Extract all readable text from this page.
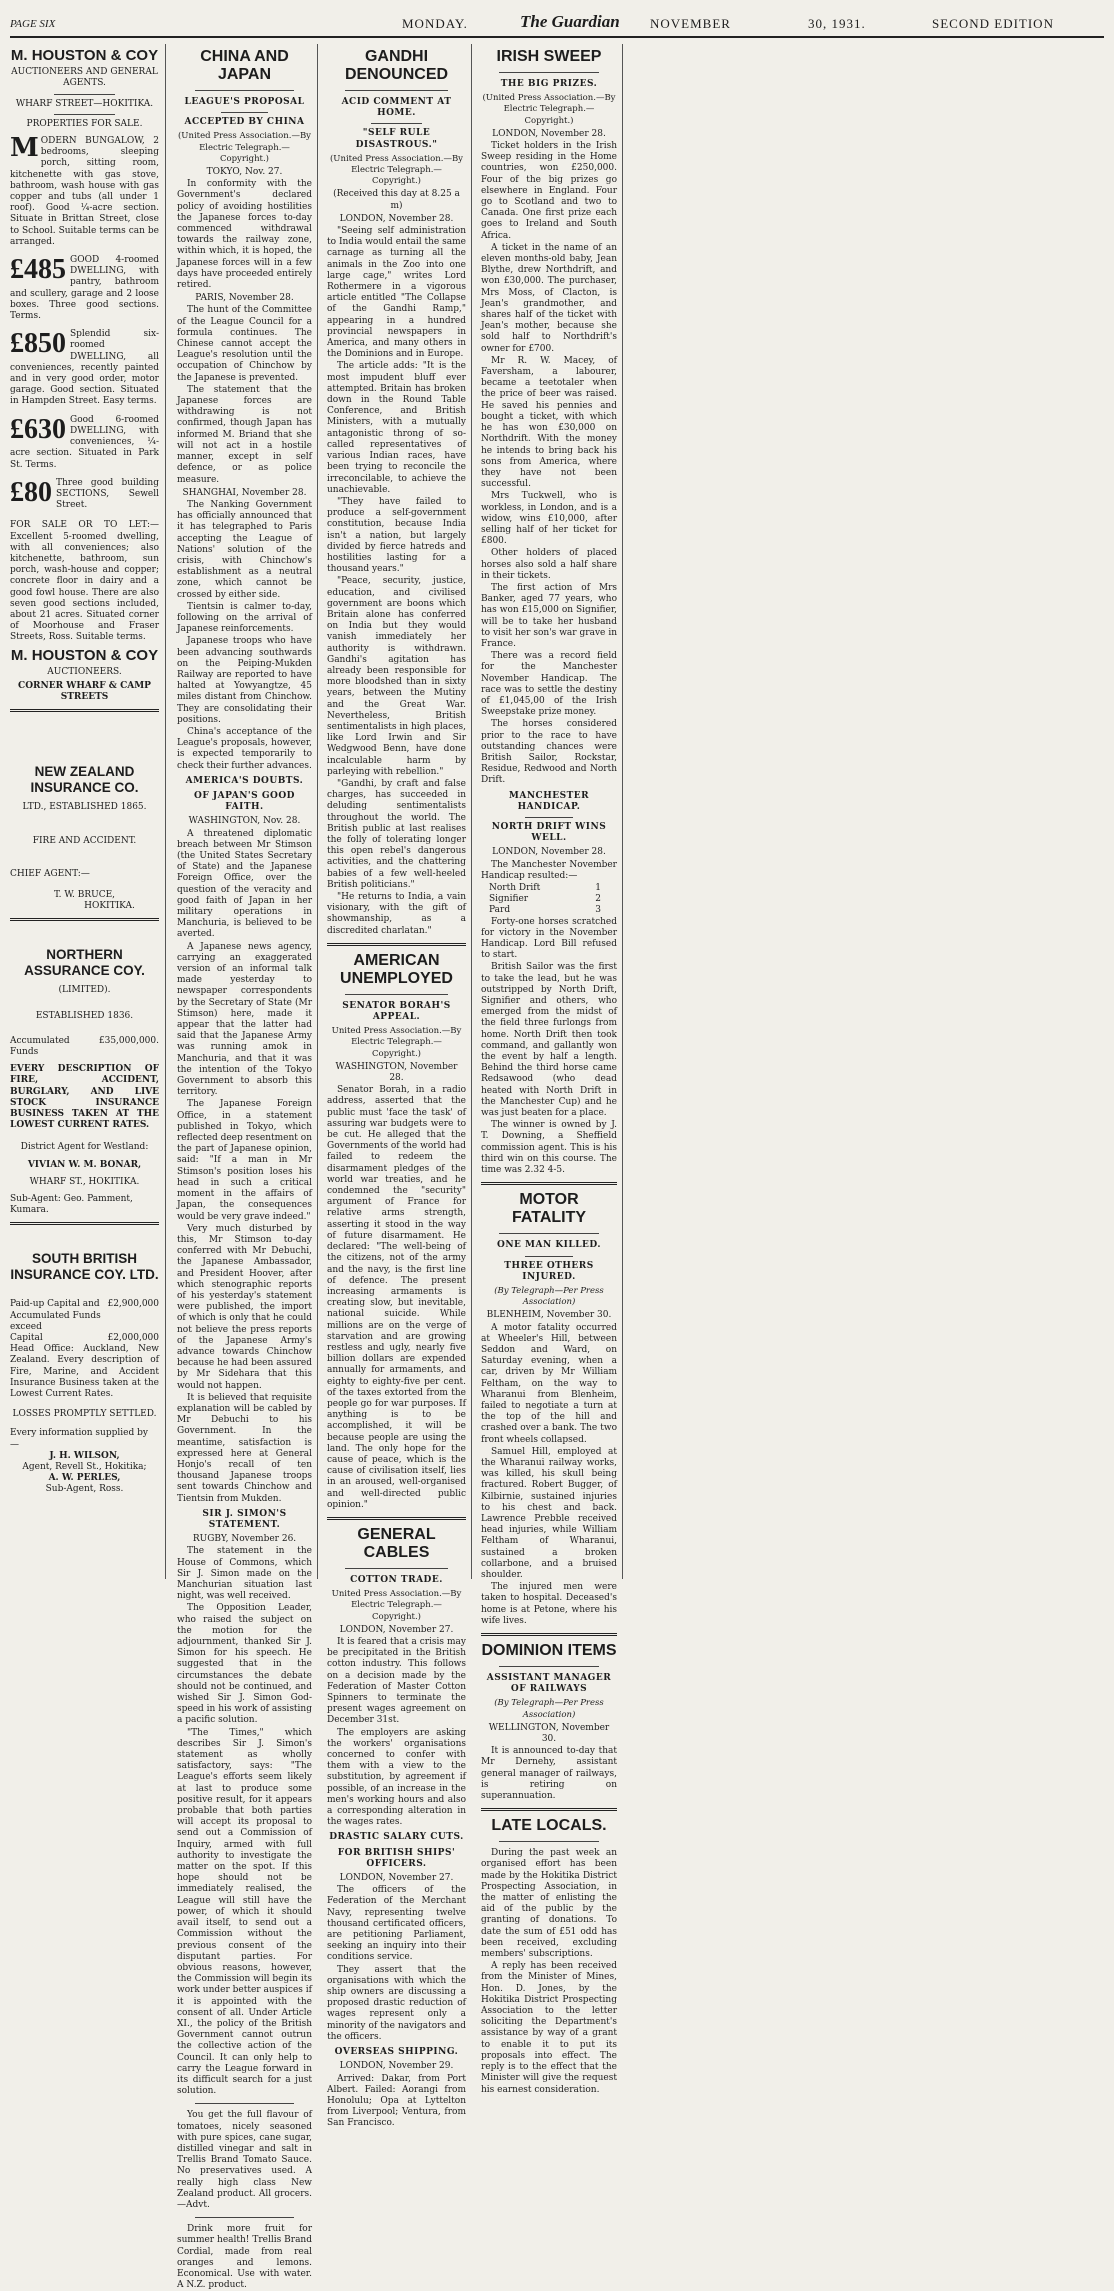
PAGE SIX	MONDAY.	The Guardian NOVEMBER	30, 1931.	SECOND EDITION
M. HOUSTON & COY
AUCTIONEERS AND GENERAL AGENTS.
WHARF STREET—HOKITIKA.
PROPERTIES FOR SALE.

MODERN BUNGALOW, 2 bedrooms, sleeping porch, sitting room, kitchenette with gas stove, bathroom, wash house with gas copper and tubs (all under 1 roof). Good ¼-acre section. Situate in Brittan Street, close to School. Suitable terms can be arranged.

£485 GOOD 4-roomed DWELLING, with pantry, bathroom and scullery, garage and 2 loose boxes. Three good sections. Terms.

£850 Splendid six-roomed DWELLING, all conveniences, recently painted and in very good order, motor garage. Good section. Situated in Hampden Street. Easy terms.

£630 Good 6-roomed DWELLING, with conveniences, ¼-acre section. Situated in Park St. Terms.

£80 Three good building SECTIONS, Sewell Street.

FOR SALE OR TO LET:—Excellent 5-roomed dwelling, with all conveniences; also kitchenette, bathroom, sun porch, wash-house and copper; concrete floor in dairy and a good fowl house. There are also seven good sections included, about 21 acres. Situated corner of Moorhouse and Fraser Streets, Ross. Suitable terms.

M. HOUSTON & COY
AUCTIONEERS.
CORNER WHARF & CAMP STREETS
NEW ZEALAND INSURANCE CO.
LTD., ESTABLISHED 1865.
FIRE AND ACCIDENT.
CHIEF AGENT:—
T. W. BRUCE,
HOKITIKA.
NORTHERN ASSURANCE COY.
(LIMITED).
ESTABLISHED 1836.
Accumulated Funds
£35,000,000.

EVERY DESCRIPTION OF FIRE, ACCIDENT, BURGLARY, AND LIVE STOCK INSURANCE BUSINESS TAKEN AT THE LOWEST CURRENT RATES.

District Agent for Westland:
VIVIAN W. M. BONAR,
WHARF ST., HOKITIKA.
Sub-Agent: Geo. Pamment, Kumara.
SOUTH BRITISH INSURANCE COY. LTD.
Paid-up Capital and Accumulated Funds exceed
£2,900,000
Capital	£2,000,000

Head Office: Auckland, New Zealand. Every description of Fire, Marine, and Accident Insurance Business taken at the Lowest Current Rates.

LOSSES PROMPTLY SETTLED.
Every information supplied by —
J. H. WILSON,
Agent, Revell St., Hokitika;
A. W. PERLES,
Sub-Agent, Ross.
CHINA AND JAPAN
LEAGUE'S PROPOSAL
ACCEPTED BY CHINA
(United Press Association.—By Electric Telegraph.—Copyright.)
TOKYO, Nov. 27.

In conformity with the Government's declared policy of avoiding hostilities the Japanese forces to-day commenced withdrawal towards the railway zone, within which, it is hoped, the Japanese forces will in a few days have proceeded entirely retired.

PARIS, November 28.

The hunt of the Committee of the League Council for a formula continues. The Chinese cannot accept the League's resolution until the occupation of Chinchow by the Japanese is prevented.

The statement that the Japanese forces are withdrawing is not confirmed, though Japan has informed M. Briand that she will not act in a hostile manner, except in self defence, or as police measure.

SHANGHAI, November 28.

The Nanking Government has officially announced that it has telegraphed to Paris accepting the League of Nations' solution of the crisis, with Chinchow's establishment as a neutral zone, which cannot be crossed by either side.

Tientsin is calmer to-day, following on the arrival of Japanese reinforcements.

Japanese troops who have been advancing southwards on the Peiping-Mukden Railway are reported to have halted at Yowyangtze, 45 miles distant from Chinchow. They are consolidating their positions.

China's acceptance of the League's proposals, however, is expected temporarily to check their further advances.

AMERICA'S DOUBTS.
OF JAPAN'S GOOD FAITH.
WASHINGTON, Nov. 28.

A threatened diplomatic breach between Mr Stimson (the United States Secretary of State) and the Japanese Foreign Office, over the question of the veracity and good faith of Japan in her military operations in Manchuria, is believed to be averted.

A Japanese news agency, carrying an exaggerated version of an informal talk made yesterday to newspaper correspondents by the Secretary of State (Mr Stimson) here, made it appear that the latter had said that the Japanese Army was running amok in Manchuria, and that it was the intention of the Tokyo Government to absorb this territory.

The Japanese Foreign Office, in a statement published in Tokyo, which reflected deep resentment on the part of Japanese opinion, said: "If a man in Mr Stimson's position loses his head in such a critical moment in the affairs of Japan, the consequences would be very grave indeed."

Very much disturbed by this, Mr Stimson to-day conferred with Mr Debuchi, the Japanese Ambassador, and President Hoover, after which stenographic reports of his yesterday's statement were published, the import of which is only that he could not believe the press reports of the Japanese Army's advance towards Chinchow because he had been assured by Mr Sidehara that this would not happen.

It is believed that requisite explanation will be cabled by Mr Debuchi to his Government. In the meantime, satisfaction is expressed here at General Honjo's recall of ten thousand Japanese troops sent towards Chinchow and Tientsin from Mukden.

SIR J. SIMON'S STATEMENT.
RUGBY, November 26.

The statement in the House of Commons, which Sir J. Simon made on the Manchurian situation last night, was well received.

The Opposition Leader, who raised the subject on the motion for the adjournment, thanked Sir J. Simon for his speech. He suggested that in the circumstances the debate should not be continued, and wished Sir J. Simon God-speed in his work of assisting a pacific solution.

"The Times," which describes Sir J. Simon's statement as wholly satisfactory, says: "The League's efforts seem likely at last to produce some positive result, for it appears probable that both parties will accept its proposal to send out a Commission of Inquiry, armed with full authority to investigate the matter on the spot. If this hope should not be immediately realised, the League will still have the power, of which it should avail itself, to send out a Commission without the previous consent of the disputant parties. For obvious reasons, however, the Commission will begin its work under better auspices if it is appointed with the consent of all. Under Article XI., the policy of the British Government cannot outrun the collective action of the Council. It can only help to carry the League forward in its difficult search for a just solution.

You get the full flavour of tomatoes, nicely seasoned with pure spices, cane sugar, distilled vinegar and salt in Trellis Brand Tomato Sauce. No preservatives used. A really high class New Zealand product. All grocers.—Advt.

Drink more fruit for summer health! Trellis Brand Cordial, made from real oranges and lemons. Economical. Use with water. A N.Z. product.

GANDHI DENOUNCED
ACID COMMENT AT HOME.
"SELF RULE DISASTROUS."
(United Press Association.—By Electric Telegraph.—Copyright.)
(Received this day at 8.25 a m)
LONDON, November 28.

"Seeing self administration to India would entail the same carnage as turning all the animals in the Zoo into one large cage," writes Lord Rothermere in a vigorous article entitled "The Collapse of the Gandhi Ramp," appearing in a hundred provincial newspapers in America, and many others in the Dominions and in Europe.

The article adds: "It is the most impudent bluff ever attempted. Britain has broken down in the Round Table Conference, and British Ministers, with a mutually antagonistic throng of so-called representatives of various Indian races, have been trying to reconcile the irreconcilable, to achieve the unachievable.

"They have failed to produce a self-government constitution, because India isn't a nation, but largely divided by fierce hatreds and hostilities lasting for a thousand years."

"Peace, security, justice, education, and civilised government are boons which Britain alone has conferred on India but they would vanish immediately her authority is withdrawn. Gandhi's agitation has already been responsible for more bloodshed than in sixty years, between the Mutiny and the Great War. Nevertheless, British sentimentalists in high places, like Lord Irwin and Sir Wedgwood Benn, have done incalculable harm by parleying with rebellion."

"Gandhi, by craft and false charges, has succeeded in deluding sentimentalists throughout the world. The British public at last realises the folly of tolerating longer this open rebel's dangerous activities, and the chattering babies of a few well-heeled British politicians."

"He returns to India, a vain visionary, with the gift of showmanship, as a discredited charlatan."

AMERICAN UNEMPLOYED
SENATOR BORAH'S APPEAL.
United Press Association.—By Electric Telegraph.—Copyright.)
WASHINGTON, November 28.

Senator Borah, in a radio address, asserted that the public must 'face the task' of assuring war budgets were to be cut. He alleged that the Governments of the world had failed to redeem the disarmament pledges of the world war treaties, and he condemned the "security" argument of France for relative arms strength, asserting it stood in the way of future disarmament. He declared: "The well-being of the citizens, not of the army and the navy, is the first line of defence. The present increasing armaments is creating slow, but inevitable, national suicide. While millions are on the verge of starvation and are growing restless and ugly, nearly five billion dollars are expended annually for armaments, and eighty to eighty-five per cent. of the taxes extorted from the people go for war purposes. If anything is to be accomplished, it will be because people are using the land. The only hope for the cause of peace, which is the cause of civilisation itself, lies in an aroused, well-organised and well-directed public opinion."

GENERAL CABLES
COTTON TRADE.
United Press Association.—By Electric Telegraph.—Copyright.)
LONDON, November 27.

It is feared that a crisis may be precipitated in the British cotton industry. This follows on a decision made by the Federation of Master Cotton Spinners to terminate the present wages agreement on December 31st.

The employers are asking the workers' organisations concerned to confer with them with a view to the substitution, by agreement if possible, of an increase in the men's working hours and also a corresponding alteration in the wages rates.

DRASTIC SALARY CUTS.
FOR BRITISH SHIPS' OFFICERS.
LONDON, November 27.

The officers of the Federation of the Merchant Navy, representing twelve thousand certificated officers, are petitioning Parliament, seeking an inquiry into their conditions service.

They assert that the organisations with which the ship owners are discussing a proposed drastic reduction of wages represent only a minority of the navigators and the officers.

OVERSEAS SHIPPING.
LONDON, November 29.

Arrived: Dakar, from Port Albert. Failed: Aorangi from Honolulu; Opa at Lyttelton from Liverpool; Ventura, from San Francisco.

IRISH SWEEP
THE BIG PRIZES.
(United Press Association.—By Electric Telegraph.—Copyright.)
LONDON, November 28.

Ticket holders in the Irish Sweep residing in the Home countries, won £250,000. Four of the big prizes go elsewhere in England. Four go to Scotland and two to Canada. One first prize each goes to Ireland and South Africa.

A ticket in the name of an eleven months-old baby, Jean Blythe, drew Northdrift, and won £30,000. The purchaser, Mrs Moss, of Clacton, is Jean's grandmother, and shares half of the ticket with Jean's mother, because she sold half to Northdrift's owner for £700.

Mr R. W. Macey, of Faversham, a labourer, became a teetotaler when the price of beer was raised. He saved his pennies and bought a ticket, with which he has won £30,000 on Northdrift. With the money he intends to bring back his sons from America, where they have not been successful.

Mrs Tuckwell, who is workless, in London, and is a widow, wins £10,000, after selling half of her ticket for £800.

Other holders of placed horses also sold a half share in their tickets.

The first action of Mrs Banker, aged 77 years, who has won £15,000 on Signifier, will be to take her husband to visit her son's war grave in France.

There was a record field for the Manchester November Handicap. The race was to settle the destiny of £1,045,00 of the Irish Sweepstake prize money.

The horses considered prior to the race to have outstanding chances were British Sailor, Rockstar, Residue, Redwood and North Drift.

MANCHESTER HANDICAP.
NORTH DRIFT WINS WELL.
LONDON, November 28.

The Manchester November Handicap resulted:—

North Drift	1
Signifier	2
Pard	3

Forty-one horses scratched for victory in the November Handicap. Lord Bill refused to start.

British Sailor was the first to take the lead, but he was outstripped by North Drift, Signifier and others, who emerged from the midst of the field three furlongs from home. North Drift then took command, and gallantly won the event by half a length. Behind the third horse came Redsawood (who dead heated with North Drift in the Manchester Cup) and he was just beaten for a place.

The winner is owned by J. T. Downing, a Sheffield commission agent. This is his third win on this course. The time was 2.32 4-5.

MOTOR FATALITY
ONE MAN KILLED.
THREE OTHERS INJURED.
(By Telegraph—Per Press Association)
BLENHEIM, November 30.

A motor fatality occurred at Wheeler's Hill, between Seddon and Ward, on Saturday evening, when a car, driven by Mr William Feltham, on the way to Wharanui from Blenheim, failed to negotiate a turn at the top of the hill and crashed over a bank. The two front wheels collapsed.

Samuel Hill, employed at the Wharanui railway works, was killed, his skull being fractured. Robert Bugger, of Kilbirnie, sustained injuries to his chest and back. Lawrence Prebble received head injuries, while William Feltham of Wharanui, sustained a broken collarbone, and a bruised shoulder.

The injured men were taken to hospital. Deceased's home is at Petone, where his wife lives.

DOMINION ITEMS
ASSISTANT MANAGER OF RAILWAYS
(By Telegraph—Per Press Association)
WELLINGTON, November 30.

It is announced to-day that Mr Dernehy, assistant general manager of railways, is retiring on superannuation.

LATE LOCALS.

During the past week an organised effort has been made by the Hokitika District Prospecting Association, in the matter of enlisting the aid of the public by the granting of donations. To date the sum of £51 odd has been received, excluding members' subscriptions.

A reply has been received from the Minister of Mines, Hon. D. Jones, by the Hokitika District Prospecting Association to the letter soliciting the Department's assistance by way of a grant to enable it to put its proposals into effect. The reply is to the effect that the Minister will give the request his earnest consideration.
